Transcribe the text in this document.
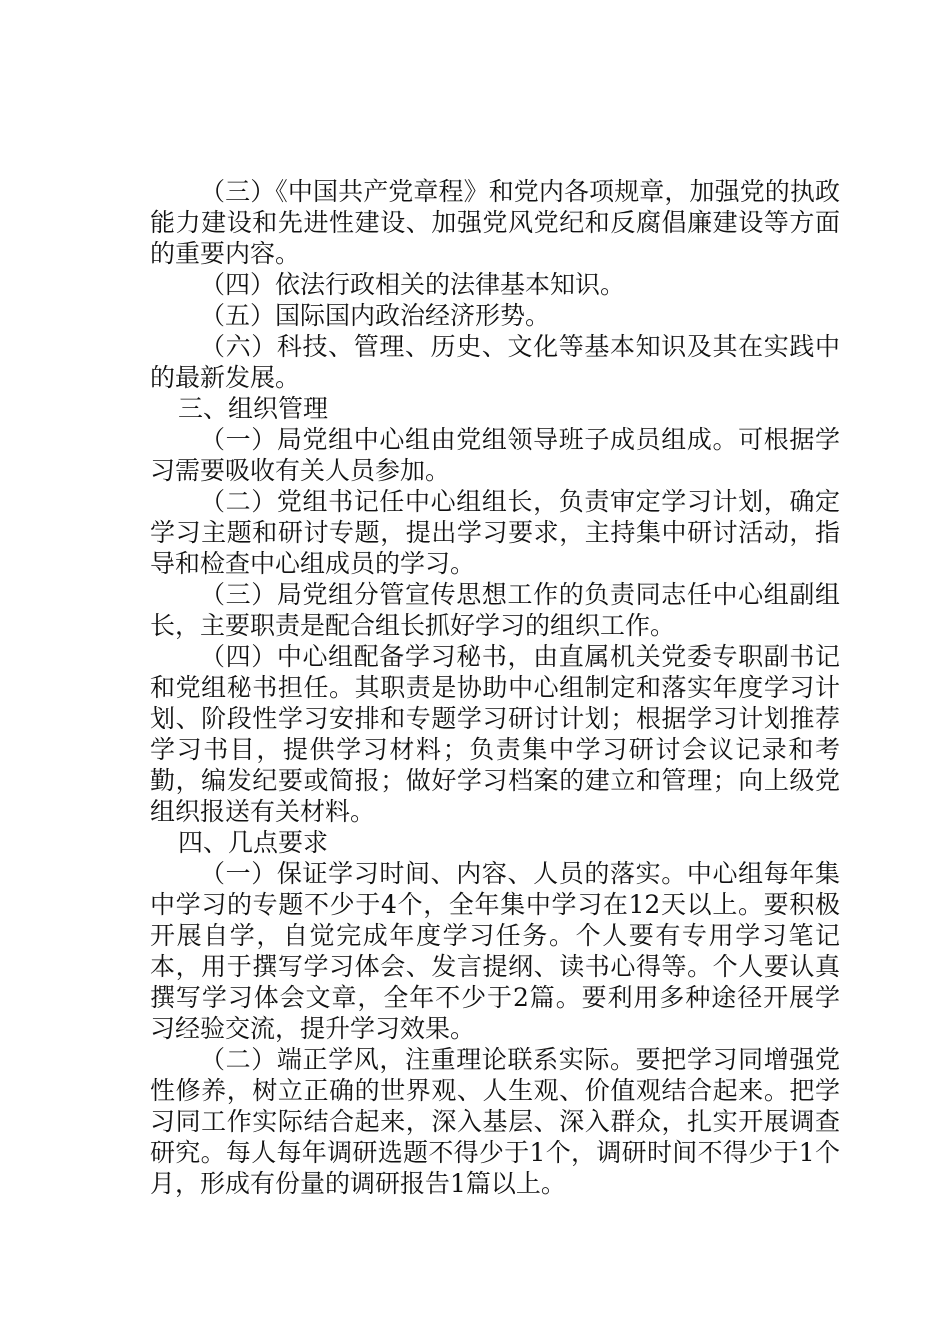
（三）《中国共产党章程》和党内各项规章，加强党的执政能力建设和先进性建设、加强党风党纪和反腐倡廉建设等方面的重要内容。

（四）依法行政相关的法律基本知识。

（五）国际国内政治经济形势。

（六）科技、管理、历史、文化等基本知识及其在实践中的最新发展。

三、组织管理

（一）局党组中心组由党组领导班子成员组成。可根据学习需要吸收有关人员参加。

（二）党组书记任中心组组长，负责审定学习计划，确定学习主题和研讨专题，提出学习要求，主持集中研讨活动，指导和检查中心组成员的学习。

（三）局党组分管宣传思想工作的负责同志任中心组副组长，主要职责是配合组长抓好学习的组织工作。

（四）中心组配备学习秘书，由直属机关党委专职副书记和党组秘书担任。其职责是协助中心组制定和落实年度学习计划、阶段性学习安排和专题学习研讨计划；根据学习计划推荐学习书目，提供学习材料；负责集中学习研讨会议记录和考勤，编发纪要或简报；做好学习档案的建立和管理；向上级党组织报送有关材料。

四、几点要求

（一）保证学习时间、内容、人员的落实。中心组每年集中学习的专题不少于4个，全年集中学习在12天以上。要积极开展自学，自觉完成年度学习任务。个人要有专用学习笔记本，用于撰写学习体会、发言提纲、读书心得等。个人要认真撰写学习体会文章，全年不少于2篇。要利用多种途径开展学习经验交流，提升学习效果。

（二）端正学风，注重理论联系实际。要把学习同增强党性修养，树立正确的世界观、人生观、价值观结合起来。把学习同工作实际结合起来，深入基层、深入群众，扎实开展调查研究。每人每年调研选题不得少于1个，调研时间不得少于1个月，形成有份量的调研报告1篇以上。
